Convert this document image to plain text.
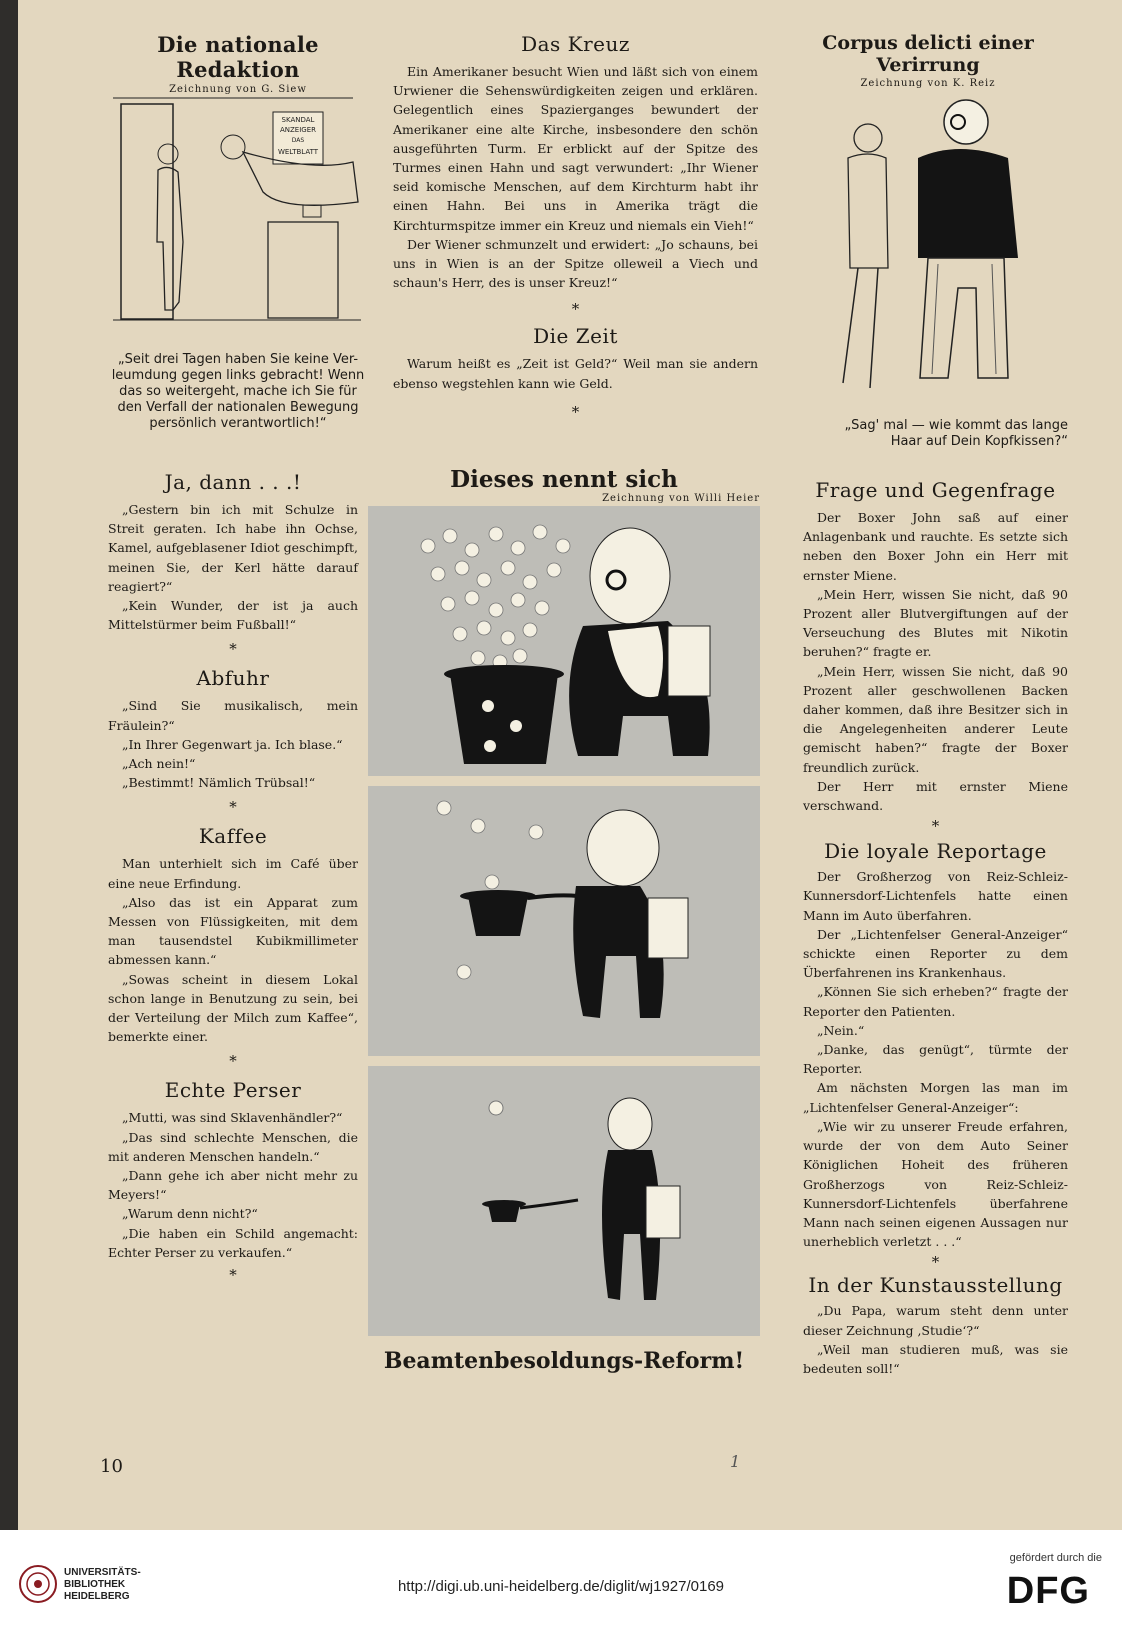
Die nationale Redaktion

Zeichnung von G. Siew
SKANDAL
ANZEIGER
DAS
WELTBLATT

„Seit drei Tagen haben Sie keine Ver-

leumdung gegen links gebracht! Wenn

das so weitergeht, mache ich Sie für

den Verfall der nationalen Bewegung

persönlich verantwortlich!“

Ja, dann . . .!

„Gestern bin ich mit Schulze in Streit geraten. Ich habe ihn Ochse, Kamel, aufgeblasener Idiot geschimpft, meinen Sie, der Kerl hätte darauf reagiert?“

„Kein Wunder, der ist ja auch Mittelstürmer beim Fußball!“

*

Abfuhr

„Sind Sie musikalisch, mein Fräulein?“

„In Ihrer Gegenwart ja. Ich blase.“

„Ach nein!“

„Bestimmt! Nämlich Trübsal!“

*

Kaffee

Man unterhielt sich im Café über eine neue Erfindung.

„Also das ist ein Apparat zum Messen von Flüssigkeiten, mit dem man tausendstel Kubikmillimeter abmessen kann.“

„Sowas scheint in diesem Lokal schon lange in Benutzung zu sein, bei der Verteilung der Milch zum Kaffee“, bemerkte einer.

*

Echte Perser

„Mutti, was sind Sklavenhändler?“

„Das sind schlechte Menschen, die mit anderen Menschen handeln.“

„Dann gehe ich aber nicht mehr zu Meyers!“

„Warum denn nicht?“

„Die haben ein Schild angemacht: Echter Perser zu verkaufen.“

*

Das Kreuz

Ein Amerikaner besucht Wien und läßt sich von einem Urwiener die Sehenswürdigkeiten zeigen und erklären. Gelegentlich eines Spazierganges bewundert der Amerikaner eine alte Kirche, insbesondere den schön ausgeführten Turm. Er erblickt auf der Spitze des Turmes einen Hahn und sagt verwundert: „Ihr Wiener seid komische Menschen, auf dem Kirchturm habt ihr einen Hahn. Bei uns in Amerika trägt die Kirchturmspitze immer ein Kreuz und niemals ein Vieh!“

Der Wiener schmunzelt und erwidert: „Jo schauns, bei uns in Wien is an der Spitze olleweil a Viech und schaun's Herr, des is unser Kreuz!“

*

Die Zeit

Warum heißt es „Zeit ist Geld?“ Weil man sie andern ebenso wegstehlen kann wie Geld.

*

Dieses nennt sich

Zeichnung von Willi Heier

Beamtenbesoldungs-Reform!

Corpus delicti einer Verirrung

Zeichnung von K. Reiz

„Sag' mal — wie kommt das lange

Haar auf Dein Kopfkissen?“

Frage und Gegenfrage

Der Boxer John saß auf einer Anlagenbank und rauchte. Es setzte sich neben den Boxer John ein Herr mit ernster Miene.

„Mein Herr, wissen Sie nicht, daß 90 Prozent aller Blutvergiftungen auf der Verseuchung des Blutes mit Nikotin beruhen?“ fragte er.

„Mein Herr, wissen Sie nicht, daß 90 Prozent aller geschwollenen Backen daher kommen, daß ihre Besitzer sich in die Angelegenheiten anderer Leute gemischt haben?“ fragte der Boxer freundlich zurück.

Der Herr mit ernster Miene verschwand.

*

Die loyale Reportage

Der Großherzog von Reiz-Schleiz-Kunnersdorf-Lichtenfels hatte einen Mann im Auto überfahren.

Der „Lichtenfelser General-Anzeiger“ schickte einen Reporter zu dem Überfahrenen ins Krankenhaus.

„Können Sie sich erheben?“ fragte der Reporter den Patienten.

„Nein.“

„Danke, das genügt“, türmte der Reporter.

Am nächsten Morgen las man im „Lichtenfelser General-Anzeiger“:

„Wie wir zu unserer Freude erfahren, wurde der von dem Auto Seiner Königlichen Hoheit des früheren Großherzogs von Reiz-Schleiz-Kunnersdorf-Lichtenfels überfahrene Mann nach seinen eigenen Aussagen nur unerheblich verletzt . . .“

*

In der Kunstausstellung

„Du Papa, warum steht denn unter dieser Zeichnung ‚Studie‘?“

„Weil man studieren muß, was sie bedeuten soll!“

10	1
UNIVERSITÄTS-
BIBLIOTHEK
HEIDELBERG
http://digi.ub.uni-heidelberg.de/diglit/wj1927/0169
gefördert durch die
DFG
